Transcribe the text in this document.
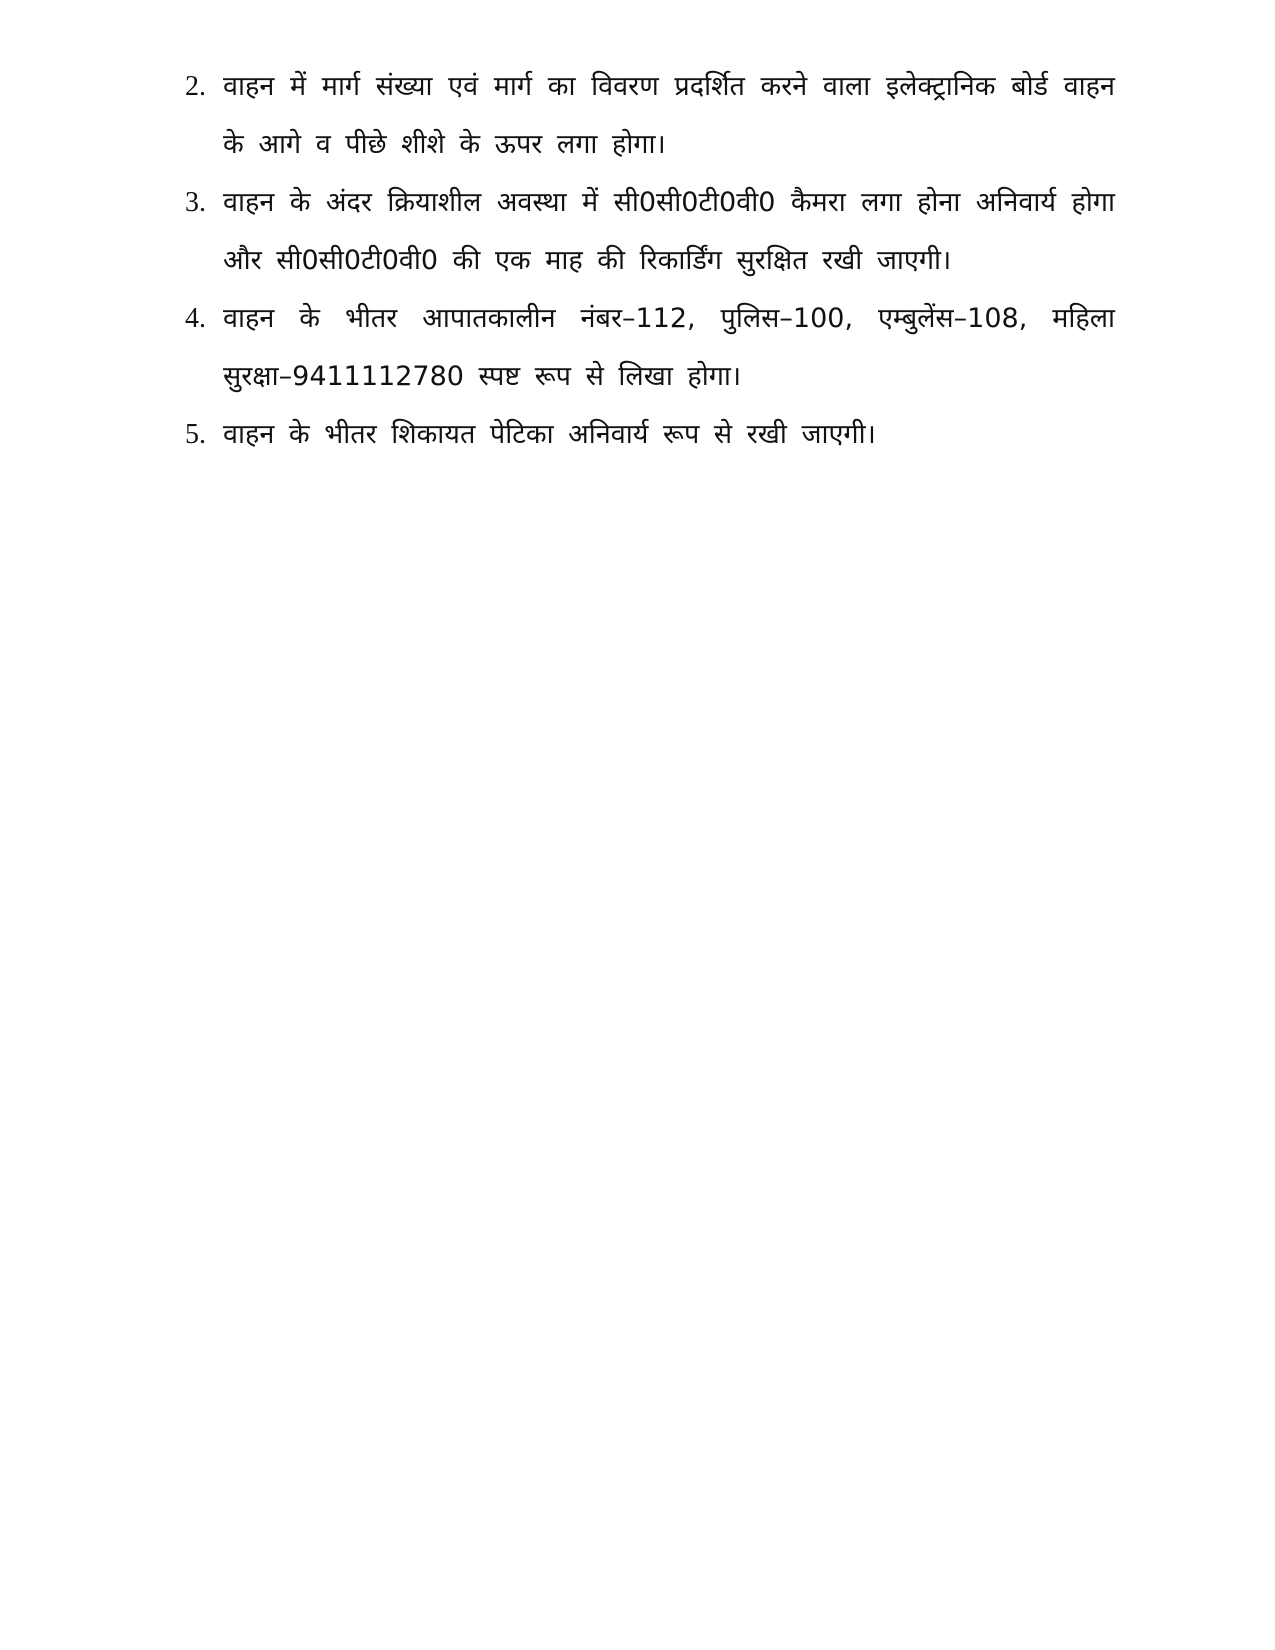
2. वाहन में मार्ग संख्या एवं मार्ग का विवरण प्रदर्शित करने वाला इलेक्ट्रानिक बोर्ड वाहन के आगे व पीछे शीशे के ऊपर लगा होगा।
3. वाहन के अंदर क्रियाशील अवस्था में सी0सी0टी0वी0 कैमरा लगा होना अनिवार्य होगा और सी0सी0टी0वी0 की एक माह की रिकार्डिंग सुरक्षित रखी जाएगी।
4. वाहन के भीतर आपातकालीन नंबर–112, पुलिस–100, एम्बुलेंस–108, महिला सुरक्षा–9411112780 स्पष्ट रूप से लिखा होगा।
5. वाहन के भीतर शिकायत पेटिका अनिवार्य रूप से रखी जाएगी।
